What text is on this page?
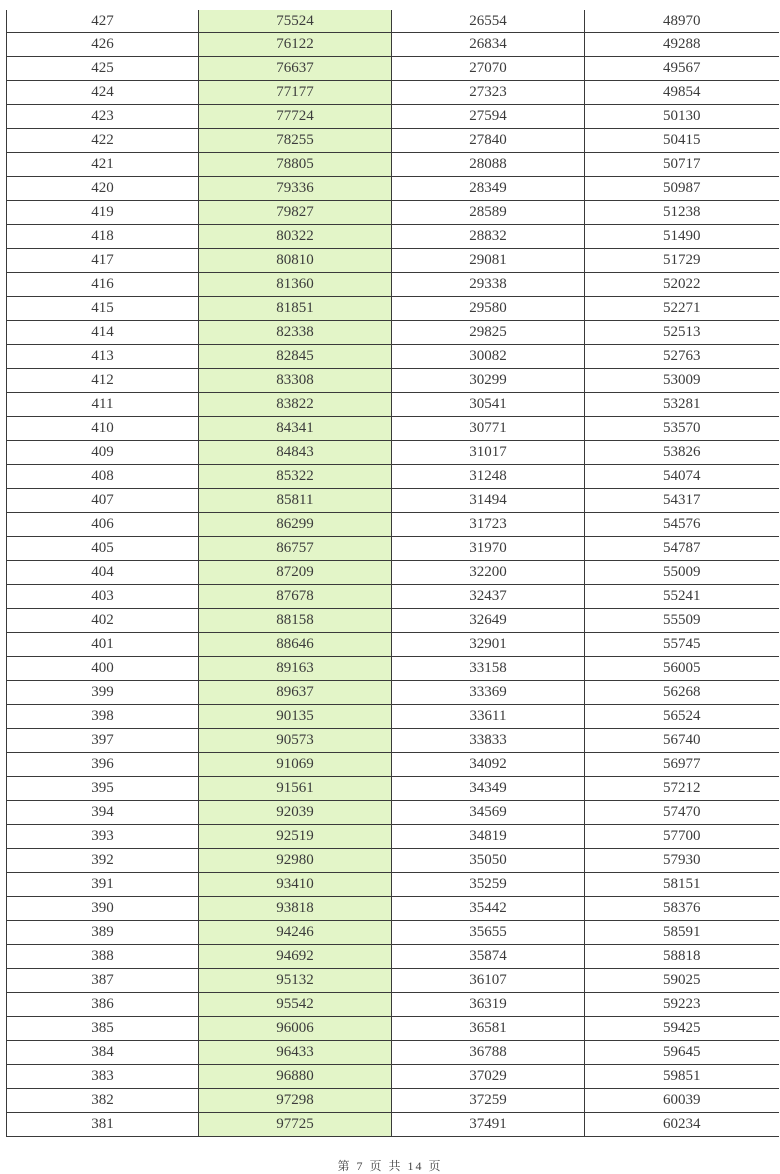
427	75524	26554	48970
426	76122	26834	49288
425	76637	27070	49567
424	77177	27323	49854
423	77724	27594	50130
422	78255	27840	50415
421	78805	28088	50717
420	79336	28349	50987
419	79827	28589	51238
418	80322	28832	51490
417	80810	29081	51729
416	81360	29338	52022
415	81851	29580	52271
414	82338	29825	52513
413	82845	30082	52763
412	83308	30299	53009
411	83822	30541	53281
410	84341	30771	53570
409	84843	31017	53826
408	85322	31248	54074
407	85811	31494	54317
406	86299	31723	54576
405	86757	31970	54787
404	87209	32200	55009
403	87678	32437	55241
402	88158	32649	55509
401	88646	32901	55745
400	89163	33158	56005
399	89637	33369	56268
398	90135	33611	56524
397	90573	33833	56740
396	91069	34092	56977
395	91561	34349	57212
394	92039	34569	57470
393	92519	34819	57700
392	92980	35050	57930
391	93410	35259	58151
390	93818	35442	58376
389	94246	35655	58591
388	94692	35874	58818
387	95132	36107	59025
386	95542	36319	59223
385	96006	36581	59425
384	96433	36788	59645
383	96880	37029	59851
382	97298	37259	60039
381	97725	37491	60234
第 7 页 共 14 页
